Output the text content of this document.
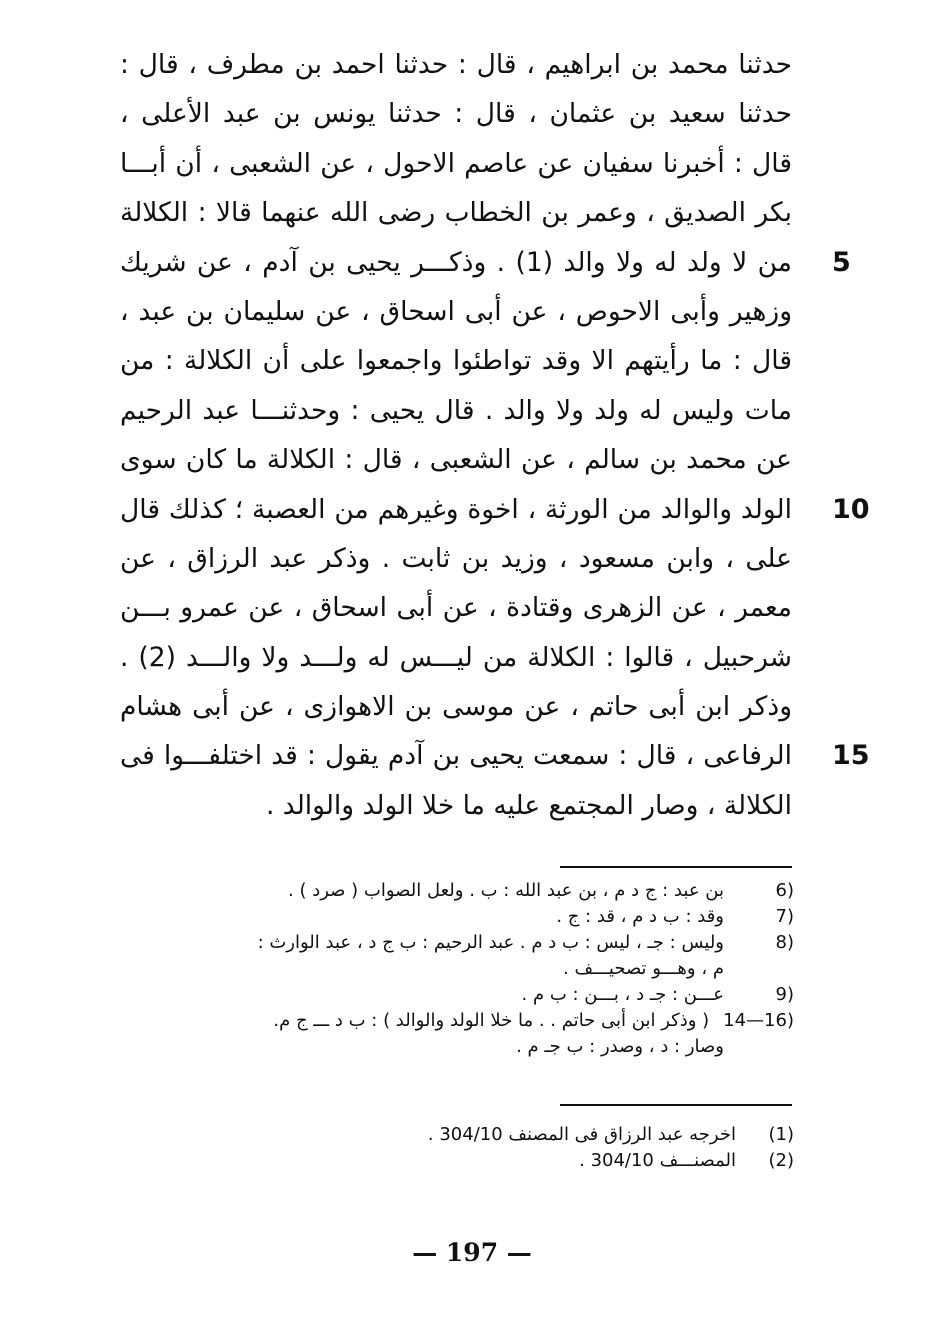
حدثنا محمد بن ابراهيم ، قال : حدثنا احمد بن مطرف ، قال :
حدثنا سعيد بن عثمان ، قال : حدثنا يونس بن عبد الأعلى ،
قال : أخبرنا سفيان عن عاصم الاحول ، عن الشعبى ، أن أبـــا
بكر الصديق ، وعمر بن الخطاب رضى الله عنهما قالا : الكلالة
من لا ولد له ولا والد (1) . وذكـــر يحيى بن آدم ، عن شريك 5
وزهير وأبى الاحوص ، عن أبى اسحاق ، عن سليمان بن عبد ،
قال : ما رأيتهم الا وقد تواطئوا واجمعوا على أن الكلالة : من
مات وليس له ولد ولا والد . قال يحيى : وحدثنـــا عبد الرحيم
عن محمد بن سالم ، عن الشعبى ، قال : الكلالة ما كان سوى
الولد والوالد من الورثة ، اخوة وغيرهم من العصبة ؛ كذلك قال 10
على ، وابن مسعود ، وزيد بن ثابت . وذكر عبد الرزاق ، عن
معمر ، عن الزهرى وقتادة ، عن أبى اسحاق ، عن عمرو بـــن
شرحبيل ، قالوا : الكلالة من ليـــس له ولـــد ولا والـــد (2) .
وذكر ابن أبى حاتم ، عن موسى بن الاهوازى ، عن أبى هشام
الرفاعى ، قال : سمعت يحيى بن آدم يقول : قد اختلفـــوا فى 15
الكلالة ، وصار المجتمع عليه ما خلا الولد والوالد .
6)بن عبد : ج د م ، بن عبد الله : ب . ولعل الصواب ( صرد ) .
7)وقد : ب د م ، قد : ج .
8)وليس : جـ ، ليس : ب د م . عبد الرحيم : ب ج د ، عبد الوارث :
م ، وهـــو تصحيـــف .
9)عـــن : جـ د ، بـــن : ب م .
14—16)( وذكر ابن أبى حاتم . . ما خلا الولد والوالد ) : ب د ـــ ج م.
وصار : د ، وصدر : ب جـ م .
(1)اخرجه عبد الرزاق فى المصنف 304/10 .
(2)المصنـــف 304/10 .
— 197 —
